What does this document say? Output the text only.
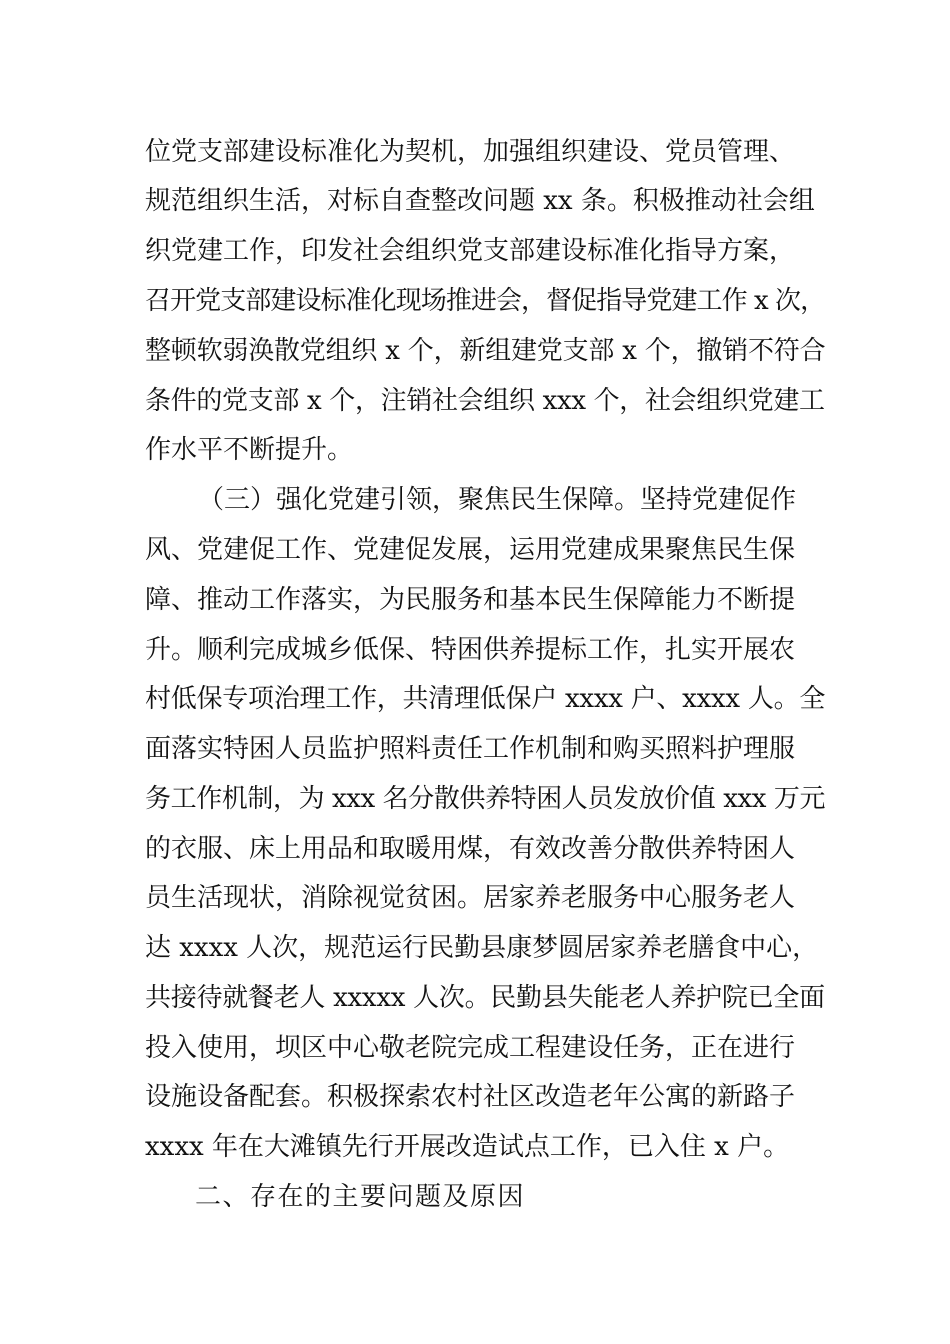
位党支部建设标准化为契机，加强组织建设、党员管理、
规范组织生活，对标自查整改问题 xx 条。积极推动社会组
织党建工作，印发社会组织党支部建设标准化指导方案，
召开党支部建设标准化现场推进会，督促指导党建工作 x 次，
整顿软弱涣散党组织 x 个，新组建党支部 x 个，撤销不符合
条件的党支部 x 个，注销社会组织 xxx 个，社会组织党建工
作水平不断提升。
（三）强化党建引领，聚焦民生保障。坚持党建促作
风、党建促工作、党建促发展，运用党建成果聚焦民生保
障、推动工作落实，为民服务和基本民生保障能力不断提
升。顺利完成城乡低保、特困供养提标工作，扎实开展农
村低保专项治理工作，共清理低保户 xxxx 户、xxxx 人。全
面落实特困人员监护照料责任工作机制和购买照料护理服
务工作机制，为 xxx 名分散供养特困人员发放价值 xxx 万元
的衣服、床上用品和取暖用煤，有效改善分散供养特困人
员生活现状，消除视觉贫困。居家养老服务中心服务老人
达 xxxx 人次，规范运行民勤县康梦圆居家养老膳食中心，
共接待就餐老人 xxxxx 人次。民勤县失能老人养护院已全面
投入使用，坝区中心敬老院完成工程建设任务，正在进行
设施设备配套。积极探索农村社区改造老年公寓的新路子
xxxx 年在大滩镇先行开展改造试点工作，已入住 x 户。
二、存在的主要问题及原因
